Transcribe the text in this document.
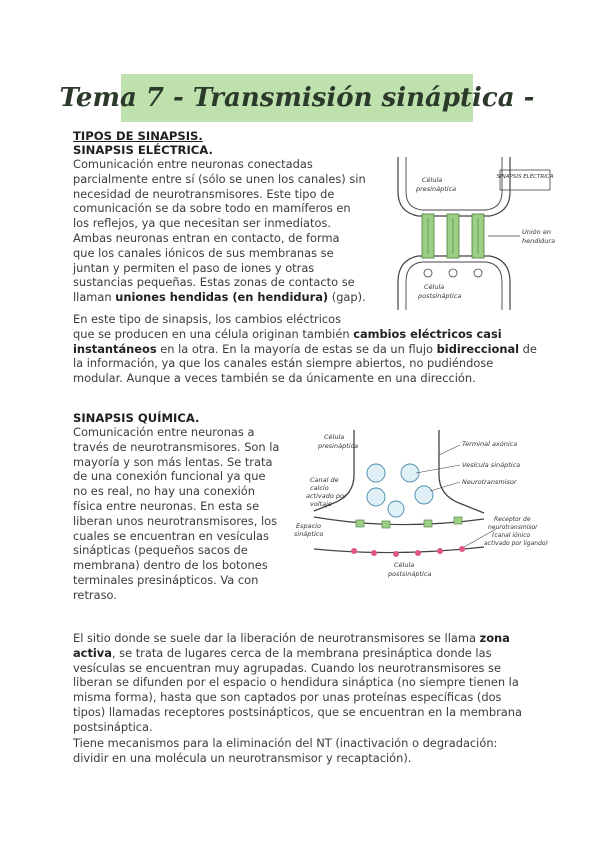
Tema 7 - Transmisión sináptica -
TIPOS DE SINAPSIS.
SINAPSIS ELÉCTRICA.
Comunicación entre neuronas conectadas
parcialmente entre sí (sólo se unen los canales) sin
necesidad de neurotransmisores. Este tipo de
comunicación se da sobre todo en mamíferos en
los reflejos, ya que necesitan ser inmediatos.
Ambas neuronas entran en contacto, de forma
que los canales iónicos de sus membranas se
juntan y permiten el paso de iones y otras
sustancias pequeñas. Estas zonas de contacto se
llaman uniones hendidas (en hendidura) (gap).
En este tipo de sinapsis, los cambios eléctricos
que se producen en una célula originan también cambios eléctricos casi
instantáneos en la otra. En la mayoría de estas se da un flujo bidireccional de
la información, ya que los canales están siempre abiertos, no pudiéndose
modular. Aunque a veces también se da únicamente en una dirección.
SINAPSIS ELÉCTRICA
Célula
presináptica
Célula
postsináptica
Unión en
hendidura
SINAPSIS QUÍMICA.
Comunicación entre neuronas a
través de neurotransmisores. Son la
mayoría y son más lentas. Se trata
de una conexión funcional ya que
no es real, no hay una conexión
física entre neuronas. En esta se
liberan unos neurotransmisores, los
cuales se encuentran en vesículas
sinápticas (pequeños sacos de
membrana) dentro de los botones
terminales presinápticos. Va con
retraso.
Célula
presináptica	Terminal axónica
Vesícula sináptica
Neurotransmisor
Canal de
calcio
activado por
voltaje
Espacio
sináptico
Receptor de
neurotransmisor
(canal iónico
activado por ligando)
Célula
postsináptica
El sitio donde se suele dar la liberación de neurotransmisores se llama zona
activa, se trata de lugares cerca de la membrana presináptica donde las
vesículas se encuentran muy agrupadas. Cuando los neurotransmisores se
liberan se difunden por el espacio o hendidura sináptica (no siempre tienen la
misma forma), hasta que son captados por unas proteínas específicas (dos
tipos) llamadas receptores postsinápticos, que se encuentran en la membrana
postsináptica.
Tiene mecanismos para la eliminación del NT (inactivación o degradación:
dividir en una molécula un neurotransmisor y recaptación).
